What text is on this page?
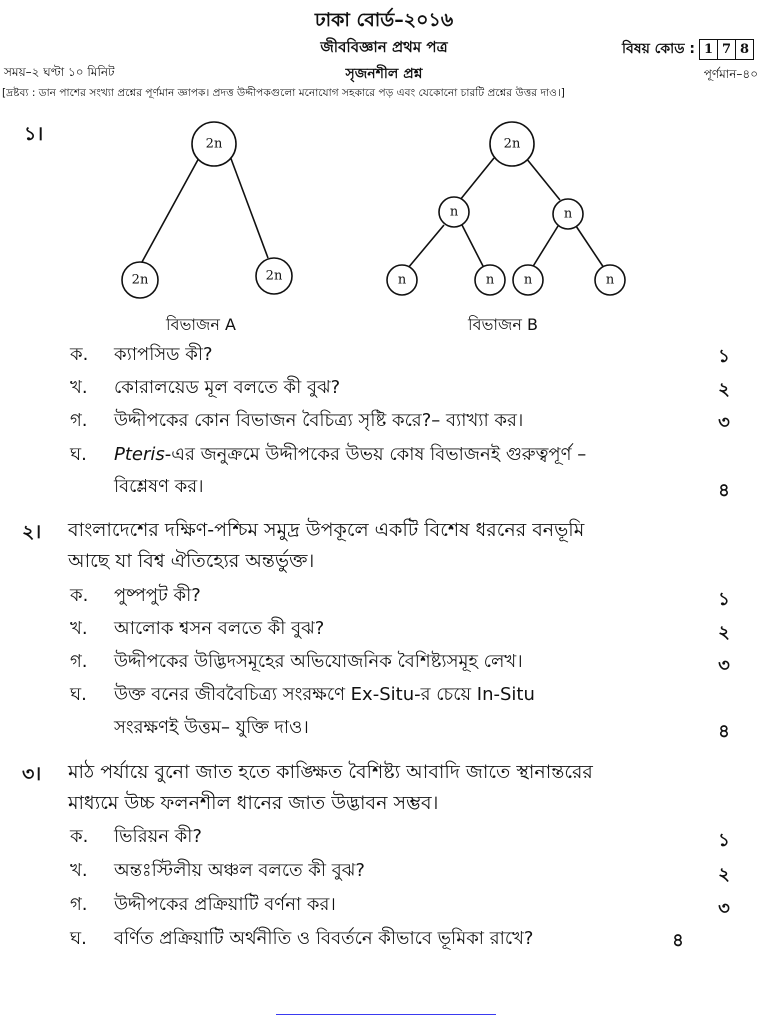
ঢাকা বোর্ড–২০১৬
জীববিজ্ঞান প্রথম পত্র
সৃজনশীল প্রশ্ন
বিষয় কোড : 1 7 8
সময়–২ ঘণ্টা ১০ মিনিট	পূর্ণমান–৪০
[দ্রষ্টব্য : ডান পাশের সংখ্যা প্রশ্নের পূর্ণমান জ্ঞাপক। প্রদত্ত উদ্দীপকগুলো মনোযোগ সহকারে পড় এবং যেকোনো চারটি প্রশ্নের উত্তর দাও।]
১।	2n
2n	2n
2n
n	n
n	n n	n
বিভাজন A	বিভাজন B
ক.	ক্যাপসিড কী?	১
খ.	কোরালয়েড মূল বলতে কী বুঝ?	২
গ.	উদ্দীপকের কোন বিভাজন বৈচিত্র্য সৃষ্টি করে?– ব্যাখ্যা কর।	৩
ঘ.	Pteris-এর জনুক্রমে উদ্দীপকের উভয় কোষ বিভাজনই গুরুত্বপূর্ণ –
বিশ্লেষণ কর।	৪
২। বাংলাদেশের দক্ষিণ-পশ্চিম সমুদ্র উপকূলে একটি বিশেষ ধরনের বনভূমি
আছে যা বিশ্ব ঐতিহ্যের অন্তর্ভুক্ত।
ক.	পুষ্পপুট কী?	১
খ.	আলোক শ্বসন বলতে কী বুঝ?	২
গ.	উদ্দীপকের উদ্ভিদসমূহের অভিযোজনিক বৈশিষ্ট্যসমূহ লেখ।	৩
ঘ.	উক্ত বনের জীববৈচিত্র্য সংরক্ষণে Ex-Situ-র চেয়ে In-Situ
সংরক্ষণই উত্তম– যুক্তি দাও।	৪
৩। মাঠ পর্যায়ে বুনো জাত হতে কাঙ্ক্ষিত বৈশিষ্ট্য আবাদি জাতে স্থানান্তরের
মাধ্যমে উচ্চ ফলনশীল ধানের জাত উদ্ভাবন সম্ভব।
ক.	ভিরিয়ন কী?	১
খ.	অন্তঃস্টিলীয় অঞ্চল বলতে কী বুঝ?	২
গ.	উদ্দীপকের প্রক্রিয়াটি বর্ণনা কর।	৩
ঘ.	বর্ণিত প্রক্রিয়াটি অর্থনীতি ও বিবর্তনে কীভাবে ভূমিকা রাখে?	৪
